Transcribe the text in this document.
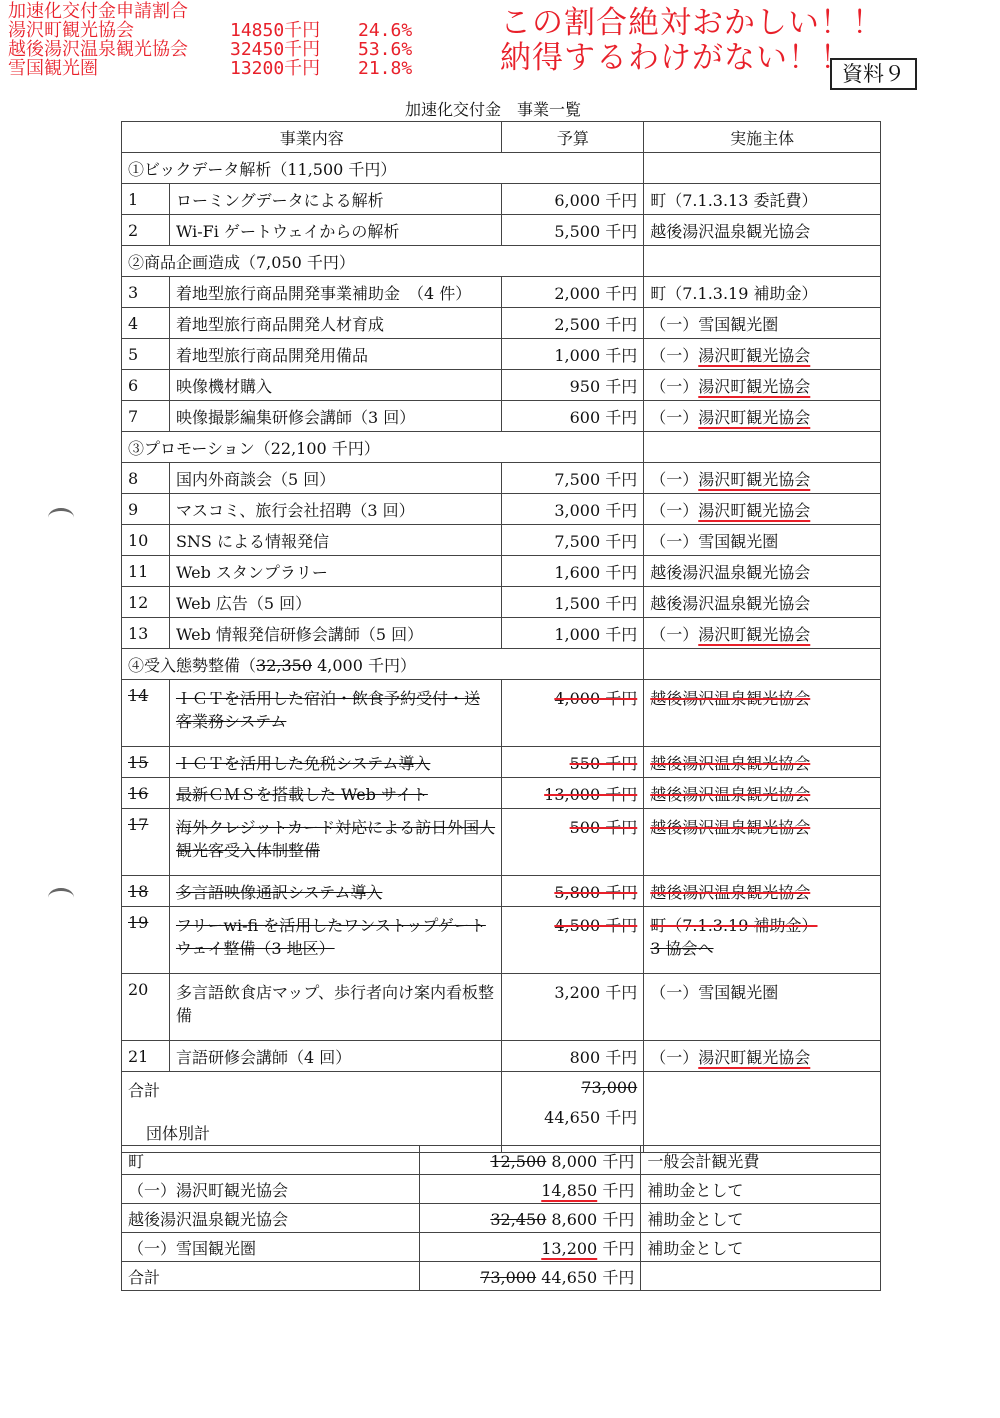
加速化交付金申請割合
湯沢町観光協会	14850千円	24.6%
越後湯沢温泉観光協会	32450千円	53.6%
雪国観光圏	13200千円	21.8%
この割合絶対おかしい！！
納得するわけがない！！
資料９
加速化交付金　事業一覧
事業内容		予算	実施主体
①ビックデータ解析（11,500 千円）			
1	ローミングデータによる解析	6,000 千円	町（7.1.3.13 委託費）
2	Wi-Fi ゲートウェイからの解析	5,500 千円	越後湯沢温泉観光協会
②商品企画造成（7,050 千円）			
3	着地型旅行商品開発事業補助金　（4 件）	2,000 千円	町（7.1.3.19 補助金）
4	着地型旅行商品開発人材育成	2,500 千円	（一）雪国観光圏
5	着地型旅行商品開発用備品	1,000 千円	（一）湯沢町観光協会
6	映像機材購入	950 千円	（一）湯沢町観光協会
7	映像撮影編集研修会講師（3 回）	600 千円	（一）湯沢町観光協会
③プロモーション（22,100 千円）			
8	国内外商談会（5 回）	7,500 千円	（一）湯沢町観光協会
9	マスコミ、旅行会社招聘（3 回）	3,000 千円	（一）湯沢町観光協会
10	SNS による情報発信	7,500 千円	（一）雪国観光圏
11	Web スタンプラリー	1,600 千円	越後湯沢温泉観光協会
12	Web 広告（5 回）	1,500 千円	越後湯沢温泉観光協会
13	Web 情報発信研修会講師（5 回）	1,000 千円	（一）湯沢町観光協会
④受入態勢整備（32,350 4,000 千円）			
14	ＩＣＴを活用した宿泊・飲食予約受付・送客業務システム	4,000 千円	越後湯沢温泉観光協会
15	ＩＣＴを活用した免税システム導入	550 千円	越後湯沢温泉観光協会
16	最新ＣＭＳを搭載した Web サイト	13,000 千円	越後湯沢温泉観光協会
17	海外クレジットカード対応による訪日外国人観光客受入体制整備	500 千円	越後湯沢温泉観光協会
18	多言語映像通訳システム導入	5,800 千円	越後湯沢温泉観光協会
19	フリーwi-fi を活用したワンストップゲートウェイ整備（3 地区）	4,500 千円	町（7.1.3.19 補助金）
3 協会へ

20	多言語飲食店マップ、歩行者向け案内看板整備	3,200 千円	（一）雪国観光圏
21	言語研修会講師（4 回）	800 千円	（一）湯沢町観光協会
合計		73,000
44,650 千円	

団体別計
町	12,500 8,000 千円	一般会計観光費
（一）湯沢町観光協会	14,850 千円	補助金として
越後湯沢温泉観光協会	32,450 8,600 千円	補助金として
（一）雪国観光圏	13,200 千円	補助金として
合計	73,000 44,650 千円	
